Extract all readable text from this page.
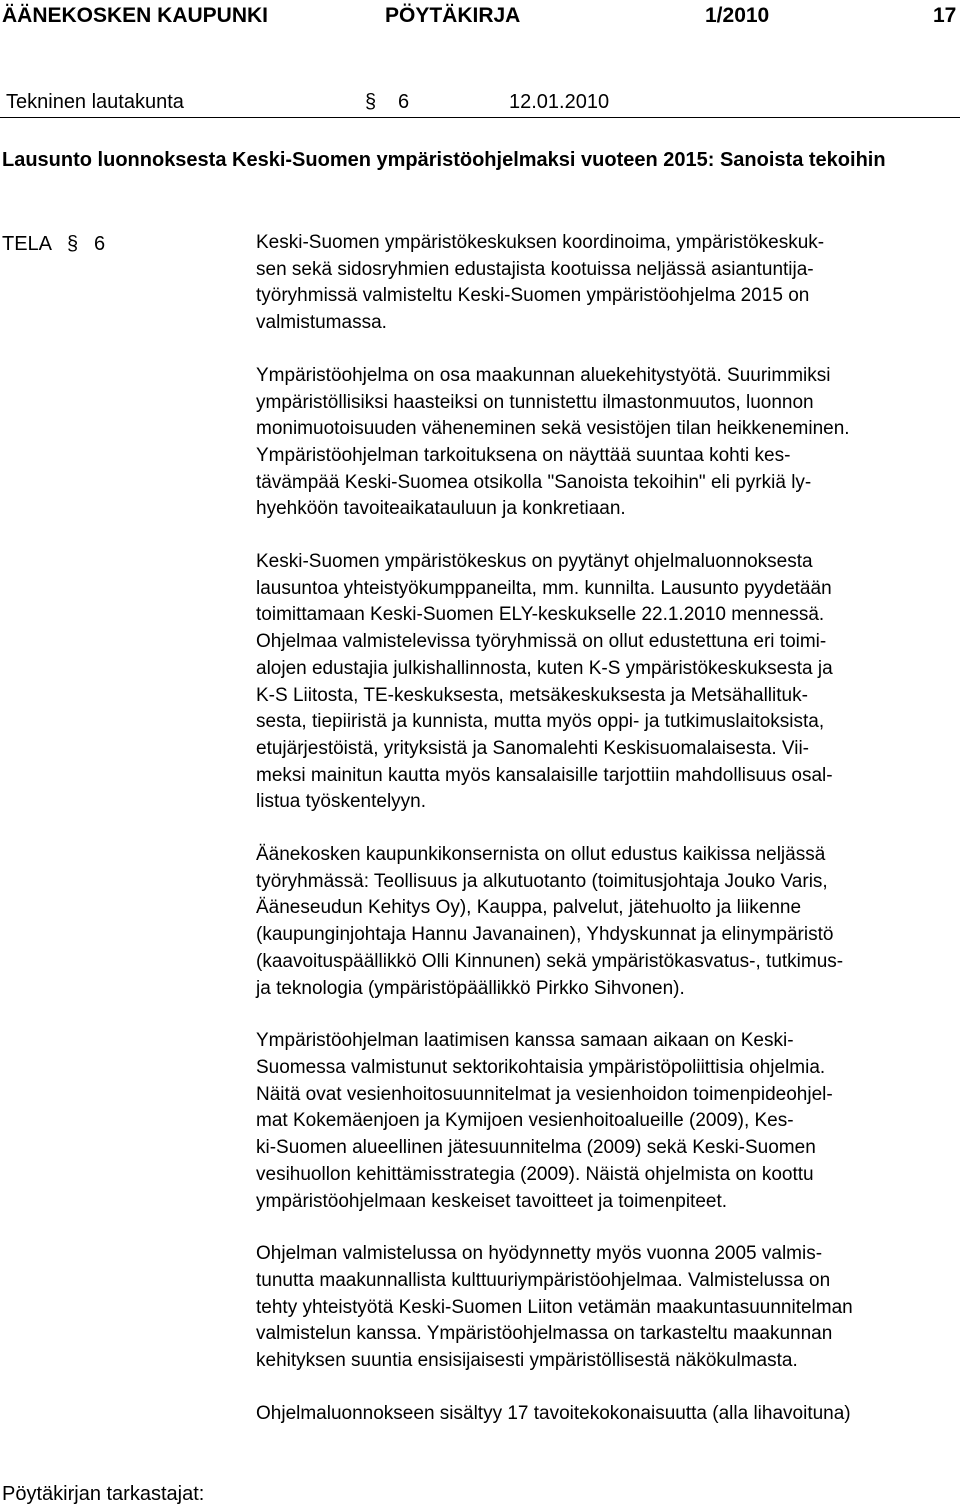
ÄÄNEKOSKEN KAUPUNKI	PÖYTÄKIRJA	1/2010	17
Tekninen lautakunta	§ 6	12.01.2010
Lausunto luonnoksesta Keski-Suomen ympäristöohjelmaksi vuoteen 2015: Sanoista tekoihin
TELA § 6	Keski-Suomen ympäristökeskuksen koordinoima, ympäristökeskuk-
sen sekä sidosryhmien edustajista kootuissa neljässä asiantuntija-
työryhmissä valmisteltu Keski-Suomen ympäristöohjelma 2015 on
valmistumassa.

Ympäristöohjelma on osa maakunnan aluekehitystyötä. Suurimmiksi
ympäristöllisiksi haasteiksi on tunnistettu ilmastonmuutos, luonnon
monimuotoisuuden väheneminen sekä vesistöjen tilan heikkeneminen.
Ympäristöohjelman tarkoituksena on näyttää suuntaa kohti kes-
tävämpää Keski-Suomea otsikolla "Sanoista tekoihin" eli pyrkiä ly-
hyehköön tavoiteaikatauluun ja konkretiaan.

Keski-Suomen ympäristökeskus on pyytänyt ohjelmaluonnoksesta
lausuntoa yhteistyökumppaneilta, mm. kunnilta. Lausunto pyydetään
toimittamaan Keski-Suomen ELY-keskukselle 22.1.2010 mennessä.
Ohjelmaa valmistelevissa työryhmissä on ollut edustettuna eri toimi-
alojen edustajia julkishallinnosta, kuten K-S ympäristökeskuksesta ja
K-S Liitosta, TE-keskuksesta, metsäkeskuksesta ja Metsähallituk-
sesta, tiepiiristä ja kunnista, mutta myös oppi- ja tutkimuslaitoksista,
etujärjestöistä, yrityksistä ja Sanomalehti Keskisuomalaisesta. Vii-
meksi mainitun kautta myös kansalaisille tarjottiin mahdollisuus osal-
listua työskentelyyn.

Äänekosken kaupunkikonsernista on ollut edustus kaikissa neljässä
työryhmässä: Teollisuus ja alkutuotanto (toimitusjohtaja Jouko Varis,
Ääneseudun Kehitys Oy), Kauppa, palvelut, jätehuolto ja liikenne
(kaupunginjohtaja Hannu Javanainen), Yhdyskunnat ja elinympäristö
(kaavoituspäällikkö Olli Kinnunen) sekä ympäristökasvatus-, tutkimus-
ja teknologia (ympäristöpäällikkö Pirkko Sihvonen).

Ympäristöohjelman laatimisen kanssa samaan aikaan on Keski-
Suomessa valmistunut sektorikohtaisia ympäristöpoliittisia ohjelmia.
Näitä ovat vesienhoitosuunnitelmat ja vesienhoidon toimenpideohjel-
mat Kokemäenjoen ja Kymijoen vesienhoitoalueille (2009), Kes-
ki-Suomen alueellinen jätesuunnitelma (2009) sekä Keski-Suomen
vesihuollon kehittämisstrategia (2009). Näistä ohjelmista on koottu
ympäristöohjelmaan keskeiset tavoitteet ja toimenpiteet.

Ohjelman valmistelussa on hyödynnetty myös vuonna 2005 valmis-
tunutta maakunnallista kulttuuriympäristöohjelmaa. Valmistelussa on
tehty yhteistyötä Keski-Suomen Liiton vetämän maakuntasuunnitelman
valmistelun kanssa. Ympäristöohjelmassa on tarkasteltu maakunnan
kehityksen suuntia ensisijaisesti ympäristöllisestä näkökulmasta.

Ohjelmaluonnokseen sisältyy 17 tavoitekokonaisuutta (alla lihavoituna)

Pöytäkirjan tarkastajat:
